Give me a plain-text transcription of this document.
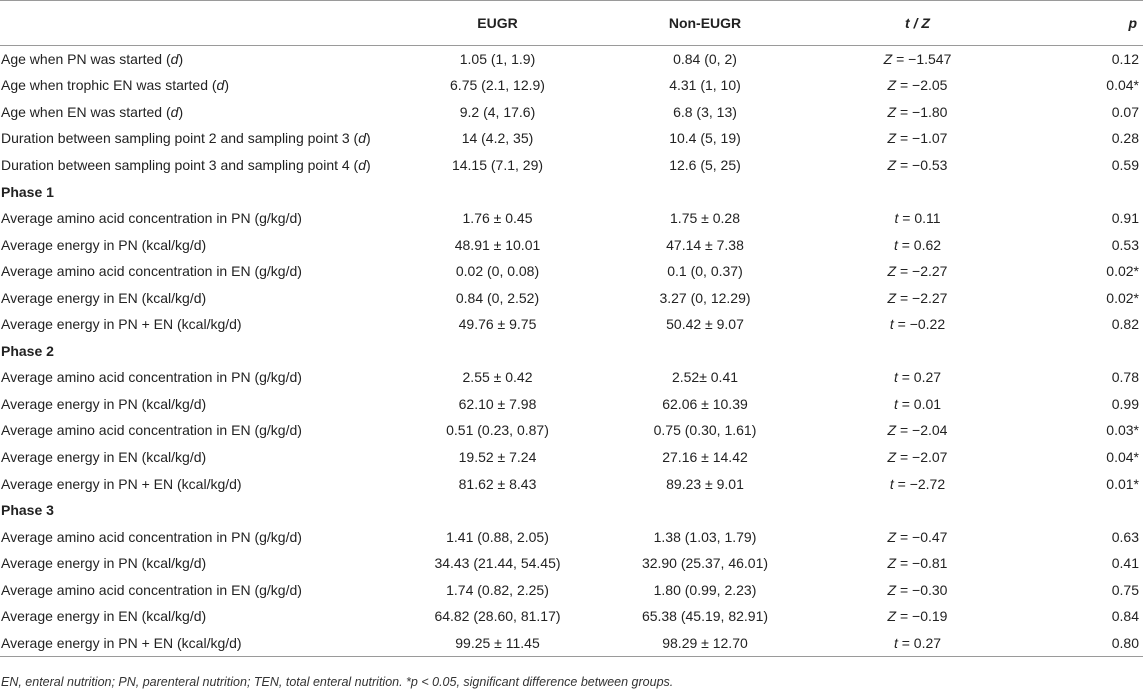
	EUGR	Non-EUGR	t / Z	p
Age when PN was started (d)	1.05 (1, 1.9)	0.84 (0, 2)	Z = −1.547	0.12
Age when trophic EN was started (d)	6.75 (2.1, 12.9)	4.31 (1, 10)	Z = −2.05	0.04*
Age when EN was started (d)	9.2 (4, 17.6)	6.8 (3, 13)	Z = −1.80	0.07
Duration between sampling point 2 and sampling point 3 (d)	14 (4.2, 35)	10.4 (5, 19)	Z = −1.07	0.28
Duration between sampling point 3 and sampling point 4 (d)	14.15 (7.1, 29)	12.6 (5, 25)	Z = −0.53	0.59
Phase 1				
Average amino acid concentration in PN (g/kg/d)	1.76 ± 0.45	1.75 ± 0.28	t = 0.11	0.91
Average energy in PN (kcal/kg/d)	48.91 ± 10.01	47.14 ± 7.38	t = 0.62	0.53
Average amino acid concentration in EN (g/kg/d)	0.02 (0, 0.08)	0.1 (0, 0.37)	Z = −2.27	0.02*
Average energy in EN (kcal/kg/d)	0.84 (0, 2.52)	3.27 (0, 12.29)	Z = −2.27	0.02*
Average energy in PN + EN (kcal/kg/d)	49.76 ± 9.75	50.42 ± 9.07	t = −0.22	0.82
Phase 2				
Average amino acid concentration in PN (g/kg/d)	2.55 ± 0.42	2.52± 0.41	t = 0.27	0.78
Average energy in PN (kcal/kg/d)	62.10 ± 7.98	62.06 ± 10.39	t = 0.01	0.99
Average amino acid concentration in EN (g/kg/d)	0.51 (0.23, 0.87)	0.75 (0.30, 1.61)	Z = −2.04	0.03*
Average energy in EN (kcal/kg/d)	19.52 ± 7.24	27.16 ± 14.42	Z = −2.07	0.04*
Average energy in PN + EN (kcal/kg/d)	81.62 ± 8.43	89.23 ± 9.01	t = −2.72	0.01*
Phase 3				
Average amino acid concentration in PN (g/kg/d)	1.41 (0.88, 2.05)	1.38 (1.03, 1.79)	Z = −0.47	0.63
Average energy in PN (kcal/kg/d)	34.43 (21.44, 54.45)	32.90 (25.37, 46.01)	Z = −0.81	0.41
Average amino acid concentration in EN (g/kg/d)	1.74 (0.82, 2.25)	1.80 (0.99, 2.23)	Z = −0.30	0.75
Average energy in EN (kcal/kg/d)	64.82 (28.60, 81.17)	65.38 (45.19, 82.91)	Z = −0.19	0.84
Average energy in PN + EN (kcal/kg/d)	99.25 ± 11.45	98.29 ± 12.70	t = 0.27	0.80
EN, enteral nutrition; PN, parenteral nutrition; TEN, total enteral nutrition. *p < 0.05, significant difference between groups.
